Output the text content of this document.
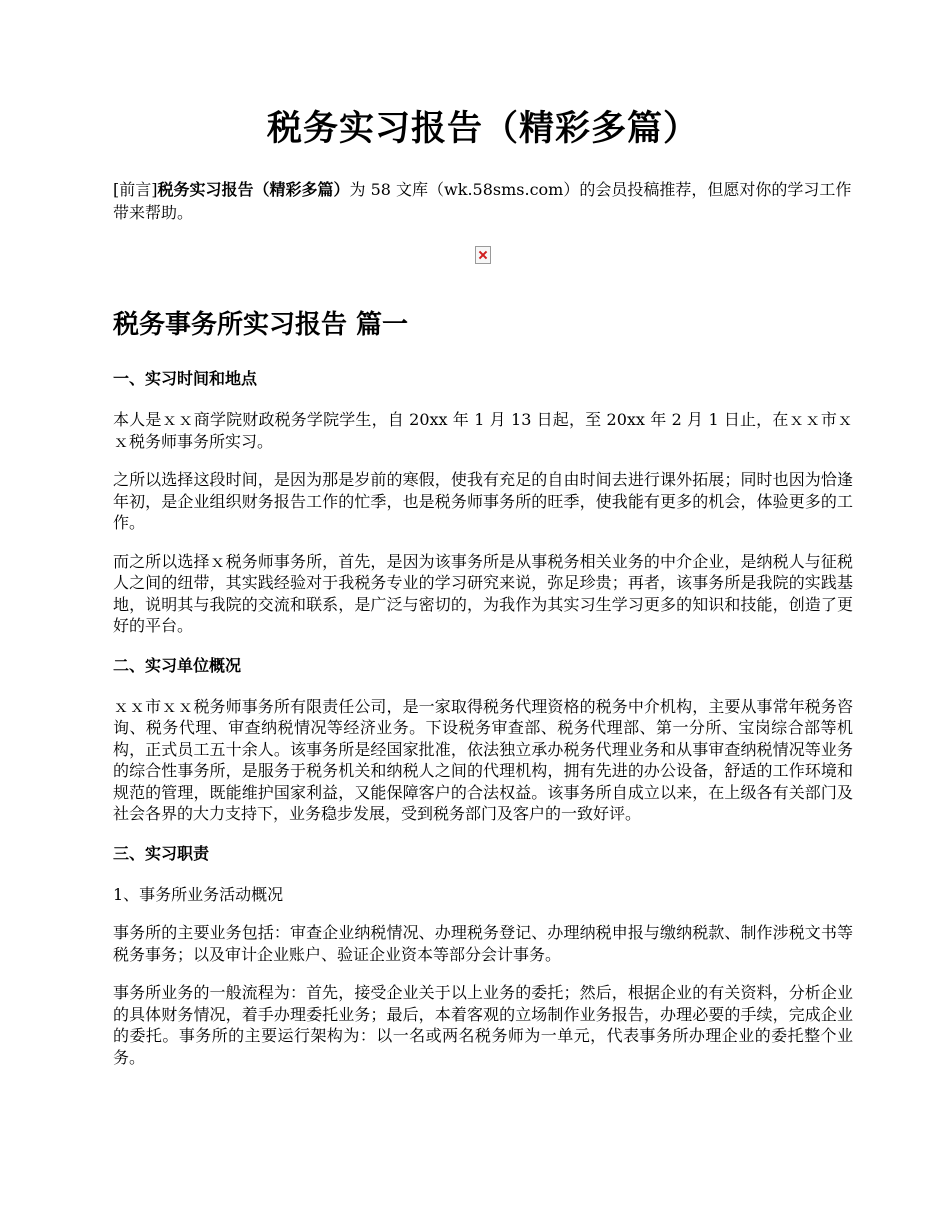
税务实习报告（精彩多篇）

[前言]税务实习报告（精彩多篇）为 58 文库（wk.58sms.com）的会员投稿推荐，但愿对你的学习工作带来帮助。

税务事务所实习报告 篇一
一、实习时间和地点

本人是ｘｘ商学院财政税务学院学生，自 20xx 年 1 月 13 日起，至 20xx 年 2 月 1 日止，在ｘｘ市ｘｘ税务师事务所实习。

之所以选择这段时间，是因为那是岁前的寒假，使我有充足的自由时间去进行课外拓展；同时也因为恰逢年初，是企业组织财务报告工作的忙季，也是税务师事务所的旺季，使我能有更多的机会，体验更多的工作。

而之所以选择ｘ税务师事务所，首先，是因为该事务所是从事税务相关业务的中介企业，是纳税人与征税人之间的纽带，其实践经验对于我税务专业的学习研究来说，弥足珍贵；再者，该事务所是我院的实践基地，说明其与我院的交流和联系，是广泛与密切的，为我作为其实习生学习更多的知识和技能，创造了更好的平台。

二、实习单位概况

ｘｘ市ｘｘ税务师事务所有限责任公司，是一家取得税务代理资格的税务中介机构，主要从事常年税务咨询、税务代理、审查纳税情况等经济业务。下设税务审查部、税务代理部、第一分所、宝岗综合部等机构，正式员工五十余人。该事务所是经国家批准，依法独立承办税务代理业务和从事审查纳税情况等业务的综合性事务所，是服务于税务机关和纳税人之间的代理机构，拥有先进的办公设备，舒适的工作环境和规范的管理，既能维护国家利益，又能保障客户的合法权益。该事务所自成立以来，在上级各有关部门及社会各界的大力支持下，业务稳步发展，受到税务部门及客户的一致好评。

三、实习职责

1、事务所业务活动概况

事务所的主要业务包括：审查企业纳税情况、办理税务登记、办理纳税申报与缴纳税款、制作涉税文书等税务事务；以及审计企业账户、验证企业资本等部分会计事务。

事务所业务的一般流程为：首先，接受企业关于以上业务的委托；然后，根据企业的有关资料，分析企业的具体财务情况，着手办理委托业务；最后，本着客观的立场制作业务报告，办理必要的手续，完成企业的委托。事务所的主要运行架构为：以一名或两名税务师为一单元，代表事务所办理企业的委托整个业务。
